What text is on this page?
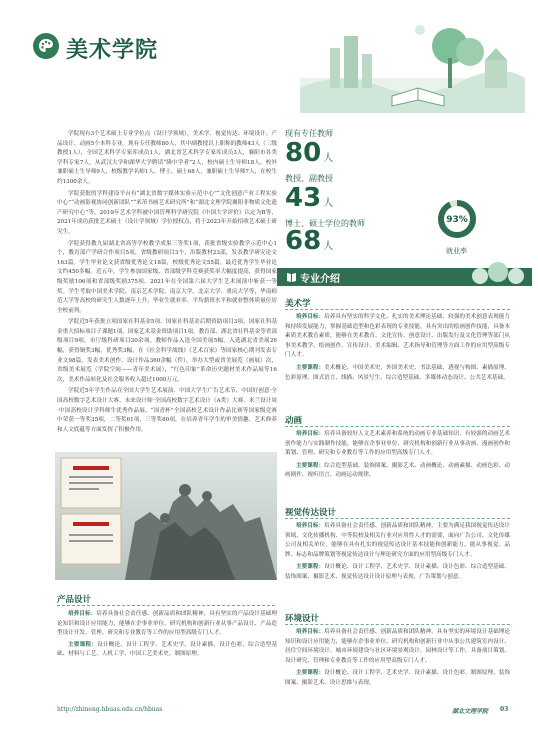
美术学院

学院现有3个艺术硕士专业学位点（设计学领域），美术学、视觉传达、环境设计、产品设计、动画5个本科专业。现有专任教师80人，其中副教授以上职称的教师43人（三级教授1人），全国艺术科学专家库成员1人，湖北省艺术科学专家库成员3人，襄阳市各类学科专家7人，从武汉大学和湖华大学聘请“隆中学者”2人，校内硕士生导师18人，校外兼职硕士生导师9人，校级教学名师1人，博士、硕士68人，兼职硕士生导师7人，在校生约1300余人。

学院获批的学科建设平台有“湖北省数字媒体实验示范中心”“文化创意产业工程实验中心”“动画影视协同创新团队”“米芾书画艺术研究所”和“湖北文理学院襄阳非物质文化遗产研究中心”等，2019年艺术学科被中国管理科学研究院《中国大学评价》认定为B等，2021年成功获批艺术硕士（设计学领域）学位授权点，将于2023年开始招收艺术硕士研究生。

学院获得教九届湖北省高等学校教学成果三等奖1项，获批省级实验教学示范中心1个，教育部产学研合作项目5项，省级教研项目3个，出版教材23部，发表教学研究论文163篇。学生毕业论文获省级优秀论文18篇，校级优秀论文55篇，最近优秀学生毕业论文约450多幅。近五年，学生参加国家级、省部级学科竞赛获奖率大幅度提高，获得国家级奖励106项和省部级奖励375项。2021年在全国第六届大学生艺术展演中斩获一等奖。学生考取中国美术学院、南京艺术学院、南京大学、北京大学、重庆大学等，华南师范大学等高校的研究生人数逐年上升，毕业生就业率、平均薪资水平和就业整体质量位居全校前列。

学院近5年获批立项国家社科基金5项、国家社科基金后期资助项目3项，国家社科基金重大招标项目子课题1项，国家艺术基金资助项目1项，教育部、湖北省社科基金等省部级项目9项，市厅级科研项目30余项。教师作品入选全国美展5幅，入选湖北省美展26幅，获得铜奖3幅，优秀奖3幅，在《社会科学战线》《艺术百家》等国家核心期刊发表专业文98篇，发表美术创作、设计作品360余幅（件），举办大型或省美展览（画展）次，省级美术展览（学院空间——青年美术展），“红色印象”革命历史题材美术作品展等16次，美术作品转化及社会服务收入超过1000万元。

学院近5年学生作品在全国大学生艺术展演、中国大学生广告艺术节、中国好创意·全国高校数字艺术设计大赛、未来设计师·全国高校数字艺术设计（A类）大赛、米兰设计周·中国高校设计学科师生优秀作品展、“国青杯”全国高校艺术设计作品比赛等国家级竞赛中荣获一等奖35项，二等奖61项，三等奖80项，在培养青年学生的审美情趣、艺术修养和人文底蕴等方面发挥了积极作用。

产品设计

培养目标：培养具备社会责任感、创新品质和团队精神，具有坚实的产品设计基础理论知识和设计应用能力，能够在企事业单位、研究机构和创新行业从事产品设计、产品造型设计开发、管理、研究和专业教育等工作的应用型高级专门人才。

主要课程：设计概论、设计工程学、艺术史学、设计素描、设计色彩、综合造型基础、材料与工艺、人机工学、中国工艺美术史、制图原理。

现有专任教师
80 人
教授、副教授
43 人
博士、硕士学位的教师
68 人
93%
就业率
专业介绍
美术学

培养目标：培养具有坚实的科学文化、扎实的美术理论基础、较强的美术创意表现能力和持续发展能力，掌握基础造型和色彩表现的专业技能，具有突出的绘画创作技能，具备本素质美术教育素质，能够在美术教育、文化宣传、创意设计、出版发行及文化管理等部门从事美术教学、绘画创作、宣传设计、美术编辑、艺术指导和管理等方面工作的应用型高级专门人才。

主要课程：美术概论、中国美术史、外国美术史、书法基础、透视与构图、素描原理、色彩原理、图式语言、线描、风景写生、综合造型基础、多媒体动态设计、公共艺术基础。

动画

培养目标：培养具备较好人文艺术素养和系统的动画专业基础知识，有较强的动画艺术创作能力与实践制作技能，能够在企事业单位、研究机构和创新行业从事动画、漫画创作和策划、管理、研究和专业教育等工作的应用型高级专门人才。

主要课程：综合造型基础、装饰图案、摄影艺术、动画概论、动画素描、动画色彩、动画剧作、视听语言、动画运动规律。

视觉传达设计

培养目标：培养具备社会责任感、创新品质和团队精神，主要为满足我国视觉传达设计领域、文化传播机构、中等院校及相关行业对应用性人才的需要，面向广告公司、文化传媒公司及相关单位，能够在具有扎实的视觉传达设计基本技能和创新能力，能从事视觉、品牌、标志和品牌策划等视觉传达设计与理论研究方面的应用型高级专门人才。

主要课程：设计概论、设计工程学、艺术史学、设计素描、设计色彩、综合造型基础、装饰图案、摄影艺术、视觉传达设计设计原理与表现、广告策划与创意。

环境设计

培养目标：培养具备社会责任感、创新品质和团队精神，具有坚实的环境设计基础理论知识和设计应用能力，能够在企事业单位、研究机构和创新行业中从事公共建筑室内设计、居住空间环境设计、城市环境建设与社区环境景观设计、园林设计等工作，具备项目策划、设计研究、管理和专业教育等工作的应用型高级专门人才。

主要课程：设计概论、设计工程学、艺术史学、设计素描、设计色彩、制图原理、装饰图案、摄影艺术、设计思维与表现。

http://zhineng.hbuas.edu.cn/hbuas	湖北文理学院 03
